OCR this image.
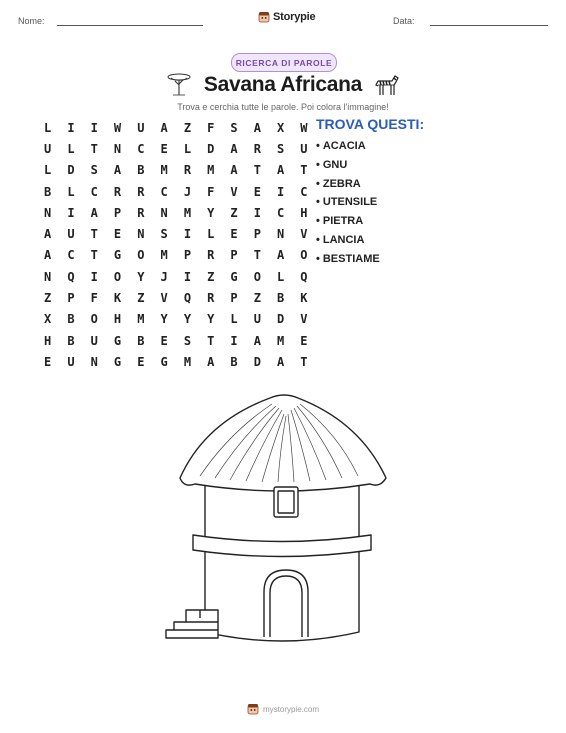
Nome:	Storypie	Data:
RICERCA DI PAROLE
Savana Africana
Trova e cerchia tutte le parole. Poi colora l'immagine!
L	I	I	W	U	A	Z	F	S	A	X	W
U	L	T	N	C	E	L	D	A	R	S	U
L	D	S	A	B	M	R	M	A	T	A	T
B	L	C	R	R	C	J	F	V	E	I	C
N	I	A	P	R	N	M	Y	Z	I	C	H
A	U	T	E	N	S	I	L	E	P	N	V
A	C	T	G	O	M	P	R	P	T	A	O
N	Q	I	O	Y	J	I	Z	G	O	L	Q
Z	P	F	K	Z	V	Q	R	P	Z	B	K
X	B	O	H	M	Y	Y	Y	L	U	D	V
H	B	U	G	B	E	S	T	I	A	M	E
E	U	N	G	E	G	M	A	B	D	A	T
TROVA QUESTI:
• ACACIA
• GNU
• ZEBRA
• UTENSILE
• PIETRA
• LANCIA
• BESTIAME
mystorypie.com
